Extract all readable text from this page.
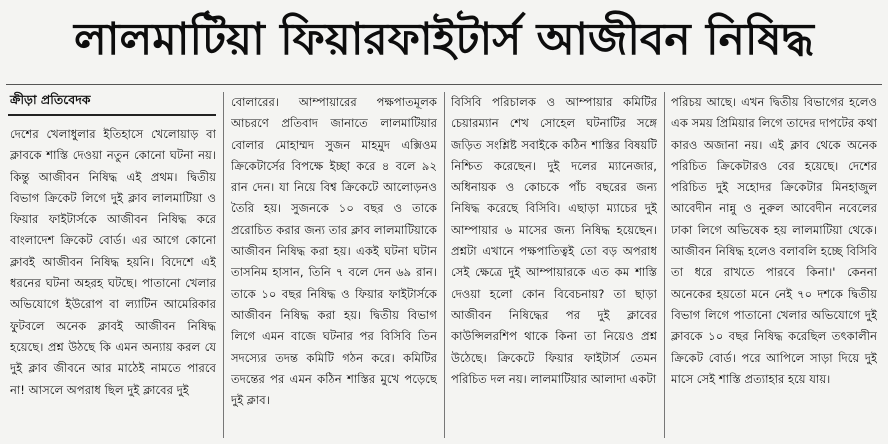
লালমাটিয়া ফিয়ারফাইটার্স আজীবন নিষিদ্ধ
ক্রীড়া প্রতিবেদক

দেশের খেলাধুলার ইতিহাসে খেলোয়াড় বা ক্লাবকে শাস্তি দেওয়া নতুন কোনো ঘটনা নয়। কিন্তু আজীবন নিষিদ্ধ এই প্রথম। দ্বিতীয় বিভাগ ক্রিকেট লিগে দুই ক্লাব লালমাটিয়া ও ফিয়ার ফাইটার্সকে আজীবন নিষিদ্ধ করে বাংলাদেশ ক্রিকেট বোর্ড। এর আগে কোনো ক্লাবই আজীবন নিষিদ্ধ হয়নি। বিদেশে এই ধরনের ঘটনা অহরহ ঘটছে। পাতানো খেলার অভিযোগে ইউরোপ বা ল্যাটিন আমেরিকার ফুটবলে অনেক ক্লাবই আজীবন নিষিদ্ধ হয়েছে। প্রশ্ন উঠছে কি এমন অন্যায় করল যে দুই ক্লাব জীবনে আর মাঠেই নামতে পারবে না! আসলে অপরাধ ছিল দুই ক্লাবের দুই

বোলারের। আম্পায়ারের পক্ষপাতমূলক আচরণে প্রতিবাদ জানাতে লালমাটিয়ার বোলার মোহাম্মদ সুজন মাহমুদ এক্সিওম ক্রিকেটার্সের বিপক্ষে ইচ্ছা করে ৪ বলে ৯২ রান দেন। যা নিয়ে বিশ্ব ক্রিকেটে আলোড়নও তৈরি হয়। সুজনকে ১০ বছর ও তাকে প্ররোচিত করার জন্য তার ক্লাব লালমাটিয়াকে আজীবন নিষিদ্ধ করা হয়। একই ঘটনা ঘটান তাসনিম হাসান, তিনি ৭ বলে দেন ৬৯ রান। তাকে ১০ বছর নিষিদ্ধ ও ফিয়ার ফাইটার্সকে আজীবন নিষিদ্ধ করা হয়। দ্বিতীয় বিভাগ লিগে এমন বাজে ঘটনার পর বিসিবি তিন সদস্যের তদন্ত কমিটি গঠন করে। কমিটির তদন্তের পর এমন কঠিন শাস্তির মুখে পড়েছে দুই ক্লাব।

বিসিবি পরিচালক ও আম্পায়ার কমিটির চেয়ারম্যান শেখ সোহেল ঘটনাটির সঙ্গে জড়িত সংশ্লিষ্ট সবাইকে কঠিন শাস্তির বিষয়টি নিশ্চিত করেছেন। দুই দলের ম্যানেজার, অধিনায়ক ও কোচকে পাঁচ বছরের জন্য নিষিদ্ধ করেছে বিসিবি। এছাড়া ম্যাচের দুই আম্পায়ার ৬ মাসের জন্য নিষিদ্ধ হয়েছেন। প্রশ্নটা এখানে পক্ষপাতিত্বই তো বড় অপরাধ সেই ক্ষেত্রে দুই আম্পায়ারকে এত কম শাস্তি দেওয়া হলো কোন বিবেচনায়? তা ছাড়া আজীবন নিষিদ্ধের পর দুই ক্লাবের কাউন্সিলরশিপ থাকে কিনা তা নিয়েও প্রশ্ন উঠেছে। ক্রিকেটে ফিয়ার ফাইটার্স তেমন পরিচিত দল নয়। লালমাটিয়ার আলাদা একটা

পরিচয় আছে। এখন দ্বিতীয় বিভাগের হলেও এক সময় প্রিমিয়ার লিগে তাদের দাপটের কথা কারও অজানা নয়। এই ক্লাব থেকে অনেক পরিচিত ক্রিকেটারও বের হয়েছে। দেশের পরিচিত দুই সহোদর ক্রিকেটার মিনহাজুল আবেদীন নান্নু ও নুরুল আবেদীন নবেলের ঢাকা লিগে অভিষেক হয় লালমাটিয়া থেকে। আজীবন নিষিদ্ধ হলেও বলাবলি হচ্ছে বিসিবি তা ধরে রাখতে পারবে কিনা।' কেননা অনেকের হয়তো মনে নেই ৭০ দশকে দ্বিতীয় বিভাগ লিগে পাতানো খেলার অভিযোগে দুই ক্লাবকে ১০ বছর নিষিদ্ধ করেছিল তৎকালীন ক্রিকেট বোর্ড। পরে আপিলে সাড়া দিয়ে দুই মাসে সেই শাস্তি প্রত্যাহার হয়ে যায়।
